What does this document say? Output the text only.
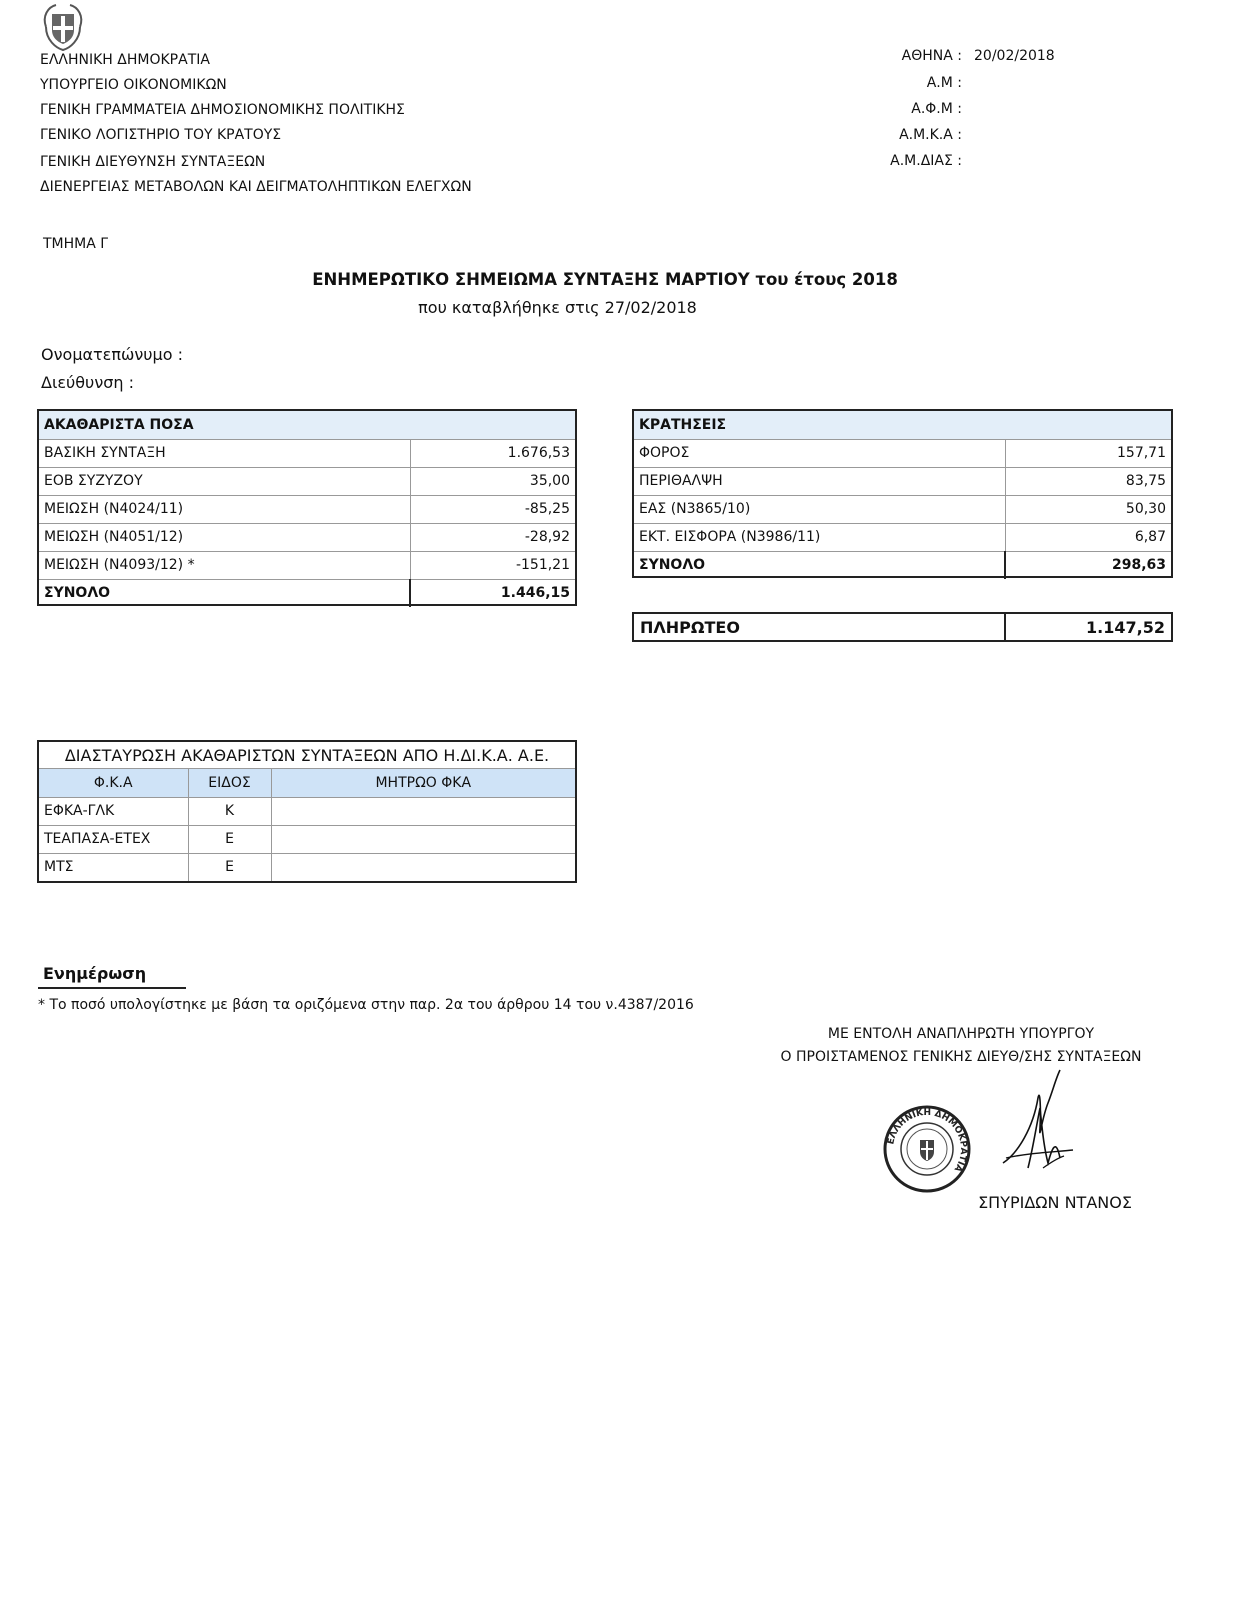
ΕΛΛΗΝΙΚΗ ΔΗΜΟΚΡΑΤΙΑ
ΥΠΟΥΡΓΕΙΟ ΟΙΚΟΝΟΜΙΚΩΝ
ΓΕΝΙΚΗ ΓΡΑΜΜΑΤΕΙΑ ΔΗΜΟΣΙΟΝΟΜΙΚΗΣ ΠΟΛΙΤΙΚΗΣ
ΓΕΝΙΚΟ ΛΟΓΙΣΤΗΡΙΟ ΤΟΥ ΚΡΑΤΟΥΣ
ΓΕΝΙΚΗ ΔΙΕΥΘΥΝΣΗ ΣΥΝΤΑΞΕΩΝ
ΔΙΕΝΕΡΓΕΙΑΣ ΜΕΤΑΒΟΛΩΝ ΚΑΙ ΔΕΙΓΜΑΤΟΛΗΠΤΙΚΩΝ ΕΛΕΓΧΩΝ
ΑΘΗΝΑ : 20/02/2018
Α.Μ :
Α.Φ.Μ :
Α.Μ.Κ.Α :
Α.Μ.ΔΙΑΣ :
ΤΜΗΜΑ Γ
ΕΝΗΜΕΡΩΤΙΚΟ ΣΗΜΕΙΩΜΑ ΣΥΝΤΑΞΗΣ ΜΑΡΤΙΟΥ του έτους 2018
που καταβλήθηκε στις 27/02/2018
Ονοματεπώνυμο :
Διεύθυνση :
ΑΚΑΘΑΡΙΣΤΑ ΠΟΣΑ	
ΒΑΣΙΚΗ ΣΥΝΤΑΞΗ	1.676,53
ΕΟΒ ΣΥΖΥΖΟΥ	35,00
ΜΕΙΩΣΗ (Ν4024/11)	-85,25
ΜΕΙΩΣΗ (Ν4051/12)	-28,92
ΜΕΙΩΣΗ (Ν4093/12) *	-151,21
ΣΥΝΟΛΟ	1.446,15
ΚΡΑΤΗΣΕΙΣ	
ΦΟΡΟΣ	157,71
ΠΕΡΙΘΑΛΨΗ	83,75
ΕΑΣ (Ν3865/10)	50,30
ΕΚΤ. ΕΙΣΦΟΡΑ (Ν3986/11)	6,87
ΣΥΝΟΛΟ	298,63
ΠΛΗΡΩΤΕΟ	1.147,52
ΔΙΑΣΤΑΥΡΩΣΗ ΑΚΑΘΑΡΙΣΤΩΝ ΣΥΝΤΑΞΕΩΝ ΑΠΟ Η.ΔΙ.Κ.Α. Α.Ε.
Φ.Κ.Α	ΕΙΔΟΣ	ΜΗΤΡΩΟ ΦΚΑ
ΕΦΚΑ-ΓΛΚ	Κ	
ΤΕΑΠΑΣΑ-ΕΤΕΧ	Ε	
ΜΤΣ	Ε	
Ενημέρωση
* Το ποσό υπολογίστηκε με βάση τα οριζόμενα στην παρ. 2α του άρθρου 14 του ν.4387/2016
ΜΕ ΕΝΤΟΛΗ ΑΝΑΠΛΗΡΩΤΗ ΥΠΟΥΡΓΟΥ
Ο ΠΡΟΙΣΤΑΜΕΝΟΣ ΓΕΝΙΚΗΣ ΔΙΕΥΘ/ΣΗΣ ΣΥΝΤΑΞΕΩΝ
ΕΛΛΗΝΙΚΗ ΔΗΜΟΚΡΑΤΙΑ
ΣΠΥΡΙΔΩΝ ΝΤΑΝΟΣ
